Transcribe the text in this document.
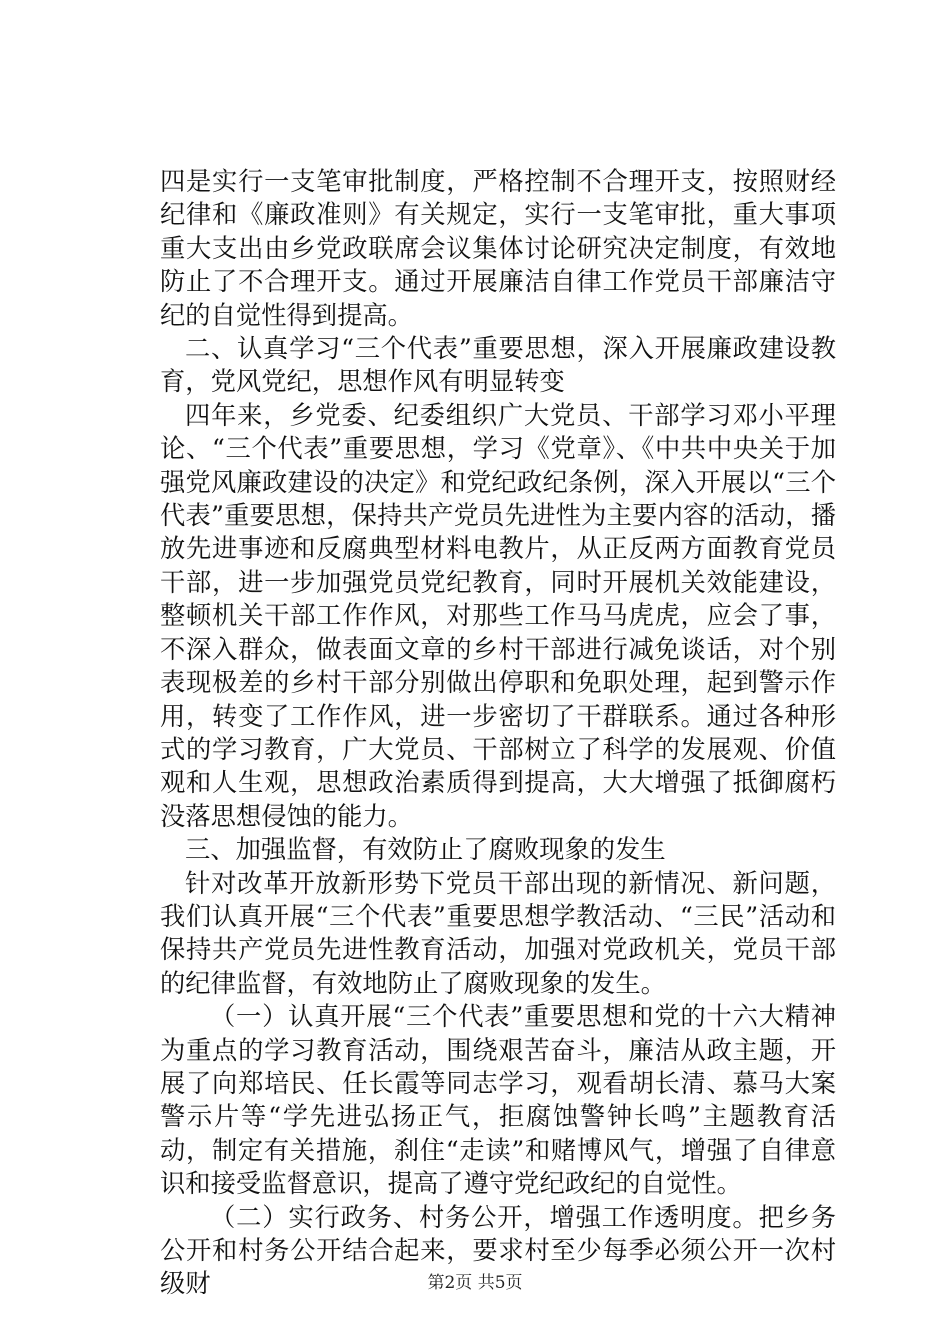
四是实行一支笔审批制度，严格控制不合理开支，按照财经纪律和《廉政准则》有关规定，实行一支笔审批，重大事项重大支出由乡党政联席会议集体讨论研究决定制度，有效地防止了不合理开支。通过开展廉洁自律工作党员干部廉洁守纪的自觉性得到提高。

二、认真学习“三个代表”重要思想，深入开展廉政建设教育，党风党纪，思想作风有明显转变

四年来，乡党委、纪委组织广大党员、干部学习邓小平理论、“三个代表”重要思想，学习《党章》、《中共中央关于加强党风廉政建设的决定》和党纪政纪条例，深入开展以“三个代表”重要思想，保持共产党员先进性为主要内容的活动，播放先进事迹和反腐典型材料电教片，从正反两方面教育党员干部，进一步加强党员党纪教育，同时开展机关效能建设，整顿机关干部工作作风，对那些工作马马虎虎，应会了事，不深入群众，做表面文章的乡村干部进行减免谈话，对个别表现极差的乡村干部分别做出停职和免职处理，起到警示作用，转变了工作作风，进一步密切了干群联系。通过各种形式的学习教育，广大党员、干部树立了科学的发展观、价值观和人生观，思想政治素质得到提高，大大增强了抵御腐朽没落思想侵蚀的能力。

三、加强监督，有效防止了腐败现象的发生

针对改革开放新形势下党员干部出现的新情况、新问题，我们认真开展“三个代表”重要思想学教活动、“三民”活动和保持共产党员先进性教育活动，加强对党政机关，党员干部的纪律监督，有效地防止了腐败现象的发生。

（一）认真开展“三个代表”重要思想和党的十六大精神为重点的学习教育活动，围绕艰苦奋斗，廉洁从政主题，开展了向郑培民、任长霞等同志学习，观看胡长清、慕马大案警示片等“学先进弘扬正气，拒腐蚀警钟长鸣”主题教育活动，制定有关措施，刹住“走读”和赌博风气，增强了自律意识和接受监督意识，提高了遵守党纪政纪的自觉性。

（二）实行政务、村务公开，增强工作透明度。把乡务公开和村务公开结合起来，要求村至少每季必须公开一次村级财	第2页 共5页
